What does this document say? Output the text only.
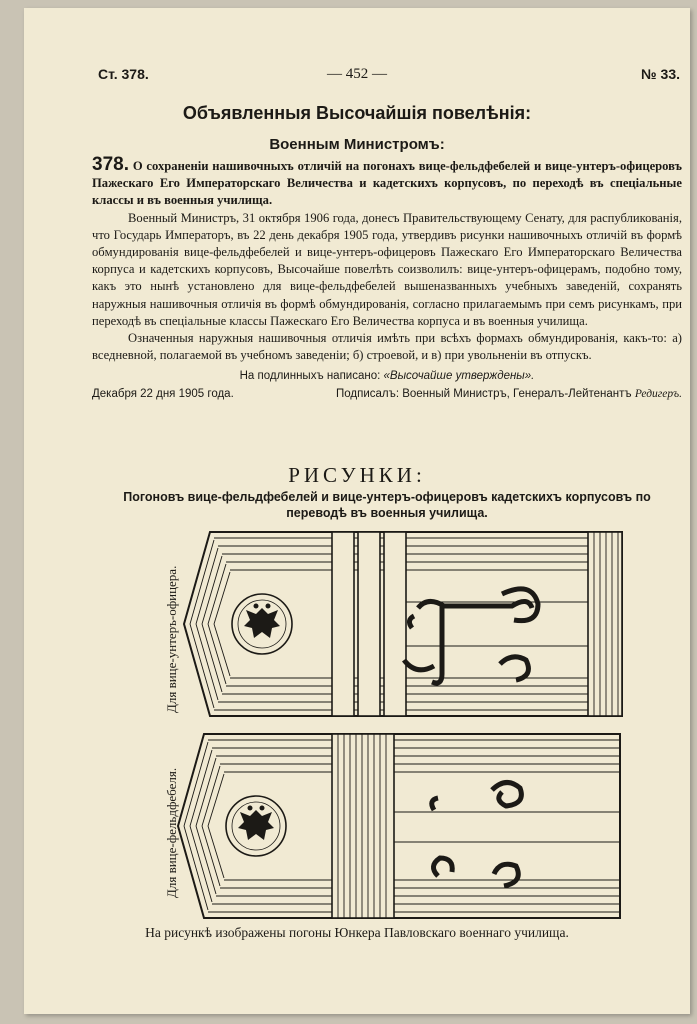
Ст. 378.	— 452 —	№ 33.
Объявленныя Высочайшія повелѣнія:
Военным Министромъ:

378. О сохраненіи нашивочныхъ отличій на погонахъ вице-фельдфебелей и вице-унтеръ-офицеровъ Пажескаго Его Императорскаго Величества и кадетскихъ корпусовъ, по переходѣ въ спеціальные классы и въ военныя училища.

Военный Министръ, 31 октября 1906 года, донесъ Правительствующему Сенату, для распубликованія, что Государь Императоръ, въ 22 день декабря 1905 года, утвердивъ рисунки нашивочныхъ отличій въ формѣ обмундированія вице-фельдфебелей и вице-унтеръ-офицеровъ Пажескаго Его Императорскаго Величества корпуса и кадетскихъ корпусовъ, Высочайше повелѣть соизволилъ: вице-унтеръ-офицерамъ, подобно тому, какъ это нынѣ установлено для вице-фельдфебелей вышеназванныхъ учебныхъ заведеній, сохранять наружныя нашивочныя отличія въ формѣ обмундированія, согласно прилагаемымъ при семъ рисункамъ, при переходѣ въ спеціальные классы Пажескаго Его Величества корпуса и въ военныя училища.

Означенныя наружныя нашивочныя отличія имѣть при всѣхъ формахъ обмундированія, какъ-то: а) вседневной, полагаемой въ учебномъ заведеніи; б) строевой, и в) при увольненіи въ отпускъ.

На подлинныхъ написано: «Высочайше утверждены».

Декабря 22 дня 1905 года.	Подписалъ: Военный Министръ, Генералъ-Лейтенантъ Редигеръ.

РИСУНКИ:
Погоновъ вице-фельдфебелей и вице-унтеръ-офицеровъ кадетскихъ корпусовъ по переводѣ въ военныя училища.
Для вице-унтеръ-офицера.
Для вице-фельдфебеля.
На рисункѣ изображены погоны Юнкера Павловскаго военнаго училища.
